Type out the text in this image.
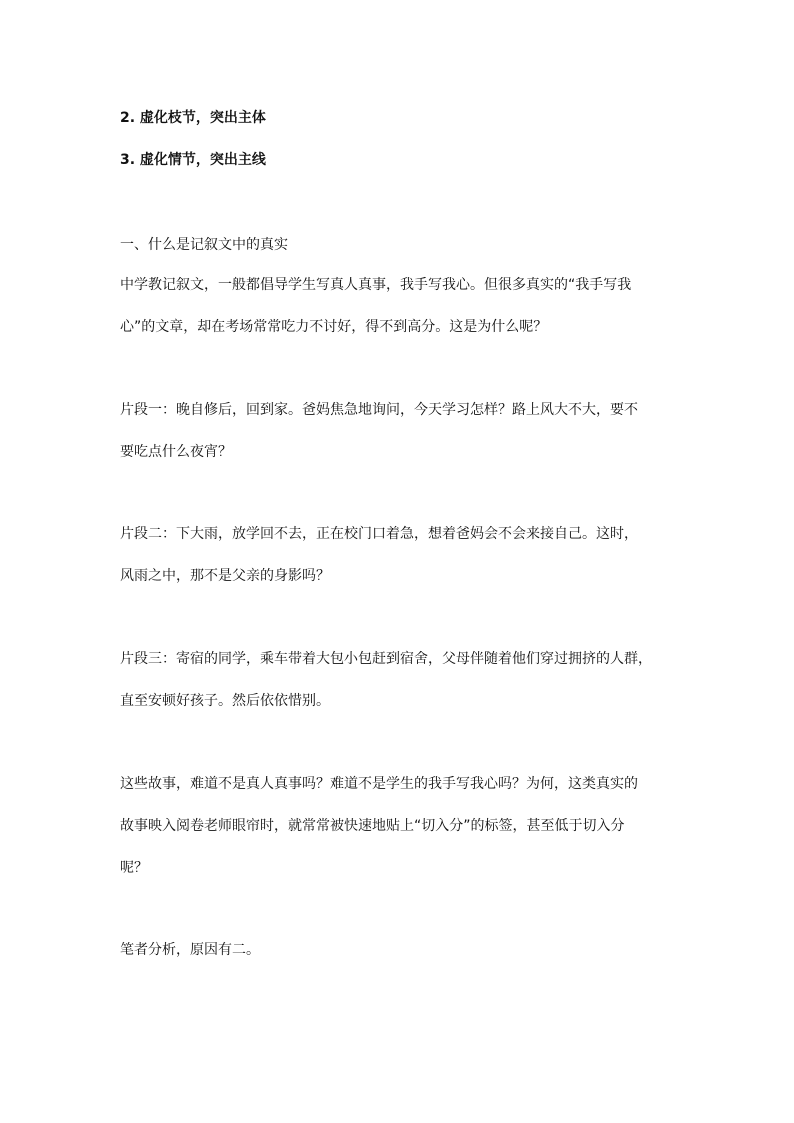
2. 虚化枝节，突出主体
3. 虚化情节，突出主线
一、什么是记叙文中的真实
中学教记叙文，一般都倡导学生写真人真事，我手写我心。但很多真实的“我手写我
心”的文章，却在考场常常吃力不讨好，得不到高分。这是为什么呢？
片段一：晚自修后，回到家。爸妈焦急地询问，今天学习怎样？路上风大不大，要不
要吃点什么夜宵？
片段二：下大雨，放学回不去，正在校门口着急，想着爸妈会不会来接自己。这时，
风雨之中，那不是父亲的身影吗？
片段三：寄宿的同学，乘车带着大包小包赶到宿舍，父母伴随着他们穿过拥挤的人群，
直至安顿好孩子。然后依依惜别。
这些故事，难道不是真人真事吗？难道不是学生的我手写我心吗？为何，这类真实的
故事映入阅卷老师眼帘时，就常常被快速地贴上“切入分”的标签，甚至低于切入分
呢？
笔者分析，原因有二。
